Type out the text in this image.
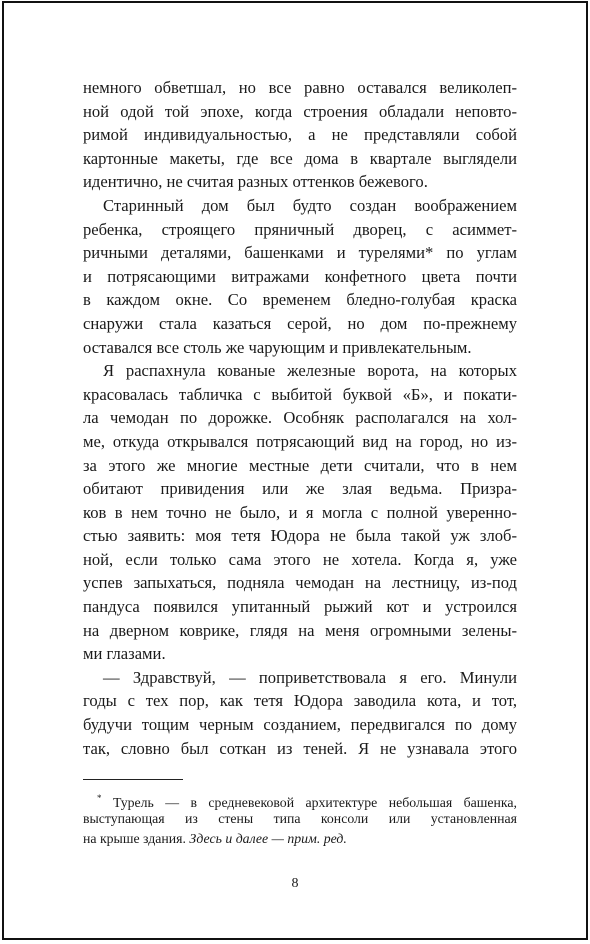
немного обветшал, но все равно оставался великолеп-
ной одой той эпохе, когда строения обладали неповто-
римой индивидуальностью, а не представляли собой
картонные макеты, где все дома в квартале выглядели
идентично, не считая разных оттенков бежевого.
Старинный дом был будто создан воображением
ребенка, строящего пряничный дворец, с асиммет-
ричными деталями, башенками и турелями* по углам
и потрясающими витражами конфетного цвета почти
в каждом окне. Со временем бледно-голубая краска
снаружи стала казаться серой, но дом по-прежнему
оставался все столь же чарующим и привлекательным.
Я распахнула кованые железные ворота, на которых
красовалась табличка с выбитой буквой «Б», и покати-
ла чемодан по дорожке. Особняк располагался на хол-
ме, откуда открывался потрясающий вид на город, но из-
за этого же многие местные дети считали, что в нем
обитают привидения или же злая ведьма. Призра-
ков в нем точно не было, и я могла с полной уверенно-
стью заявить: моя тетя Юдора не была такой уж злоб-
ной, если только сама этого не хотела. Когда я, уже
успев запыхаться, подняла чемодан на лестницу, из-под
пандуса появился упитанный рыжий кот и устроился
на дверном коврике, глядя на меня огромными зелены-
ми глазами.
— Здравствуй, — поприветствовала я его. Минули
годы с тех пор, как тетя Юдора заводила кота, и тот,
будучи тощим черным созданием, передвигался по дому
так, словно был соткан из теней. Я не узнавала этого
* Турель — в средневековой архитектуре небольшая башенка,
выступающая из стены типа консоли или установленная
на крыше здания. Здесь и далее — прим. ред.
8
